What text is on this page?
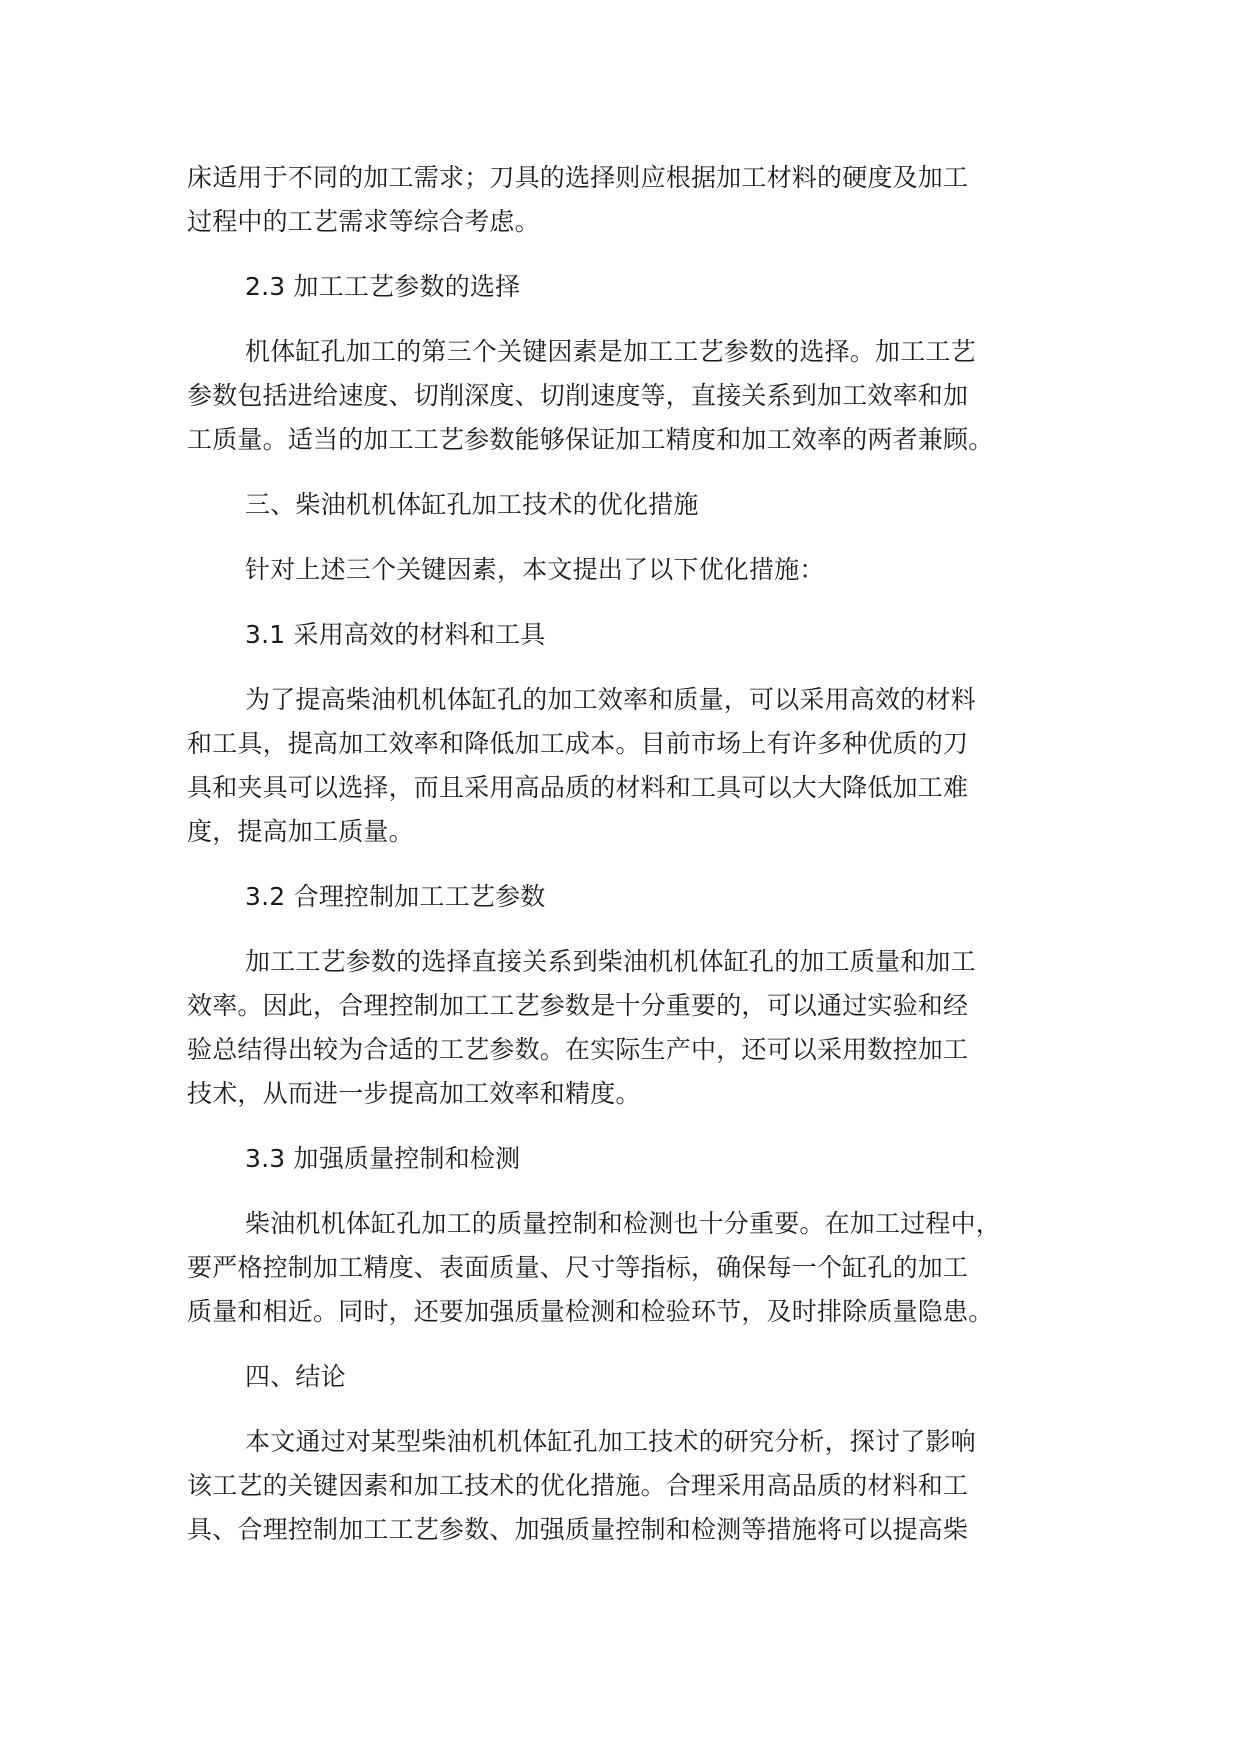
床适用于不同的加工需求；刀具的选择则应根据加工材料的硬度及加工
过程中的工艺需求等综合考虑。
2.3 加工工艺参数的选择
机体缸孔加工的第三个关键因素是加工工艺参数的选择。加工工艺
参数包括进给速度、切削深度、切削速度等，直接关系到加工效率和加
工质量。适当的加工工艺参数能够保证加工精度和加工效率的两者兼顾。
三、柴油机机体缸孔加工技术的优化措施
针对上述三个关键因素，本文提出了以下优化措施：
3.1 采用高效的材料和工具
为了提高柴油机机体缸孔的加工效率和质量，可以采用高效的材料
和工具，提高加工效率和降低加工成本。目前市场上有许多种优质的刀
具和夹具可以选择，而且采用高品质的材料和工具可以大大降低加工难
度，提高加工质量。
3.2 合理控制加工工艺参数
加工工艺参数的选择直接关系到柴油机机体缸孔的加工质量和加工
效率。因此，合理控制加工工艺参数是十分重要的，可以通过实验和经
验总结得出较为合适的工艺参数。在实际生产中，还可以采用数控加工
技术，从而进一步提高加工效率和精度。
3.3 加强质量控制和检测
柴油机机体缸孔加工的质量控制和检测也十分重要。在加工过程中，
要严格控制加工精度、表面质量、尺寸等指标，确保每一个缸孔的加工
质量和相近。同时，还要加强质量检测和检验环节，及时排除质量隐患。
四、结论
本文通过对某型柴油机机体缸孔加工技术的研究分析，探讨了影响
该工艺的关键因素和加工技术的优化措施。合理采用高品质的材料和工
具、合理控制加工工艺参数、加强质量控制和检测等措施将可以提高柴
